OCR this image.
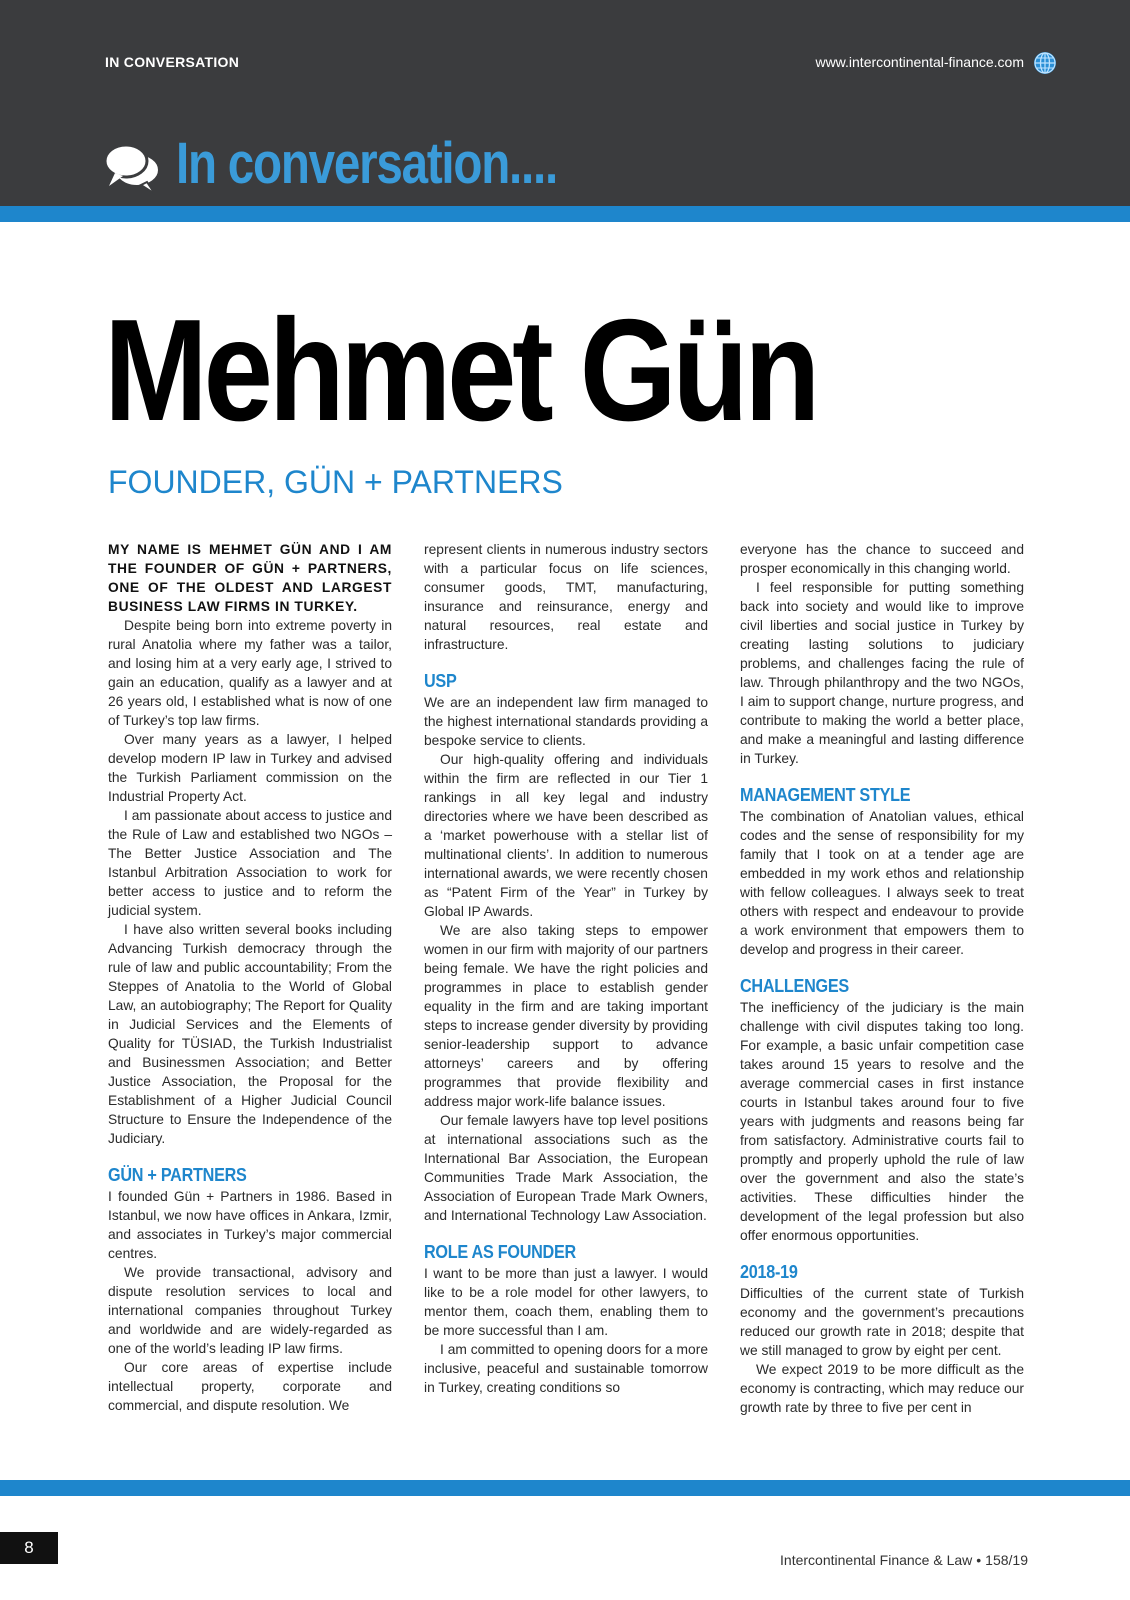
IN CONVERSATION	www.intercontinental-finance.com
In conversation....
Mehmet Gün
FOUNDER, GÜN + PARTNERS

MY NAME IS MEHMET GÜN AND I AM THE FOUNDER OF GÜN + PARTNERS, ONE OF THE OLDEST AND LARGEST BUSINESS LAW FIRMS IN TURKEY.

Despite being born into extreme poverty in rural Anatolia where my father was a tailor, and losing him at a very early age, I strived to gain an education, qualify as a lawyer and at 26 years old, I established what is now of one of Turkey’s top law firms.

Over many years as a lawyer, I helped develop modern IP law in Turkey and advised the Turkish Parliament commission on the Industrial Property Act.

I am passionate about access to justice and the Rule of Law and established two NGOs – The Better Justice Association and The Istanbul Arbitration Association to work for better access to justice and to reform the judicial system.

I have also written several books including Advancing Turkish democracy through the rule of law and public accountability; From the Steppes of Anatolia to the World of Global Law, an autobiography; The Report for Quality in Judicial Services and the Elements of Quality for TÜSIAD, the Turkish Industrialist and Businessmen Association; and Better Justice Association, the Proposal for the Establishment of a Higher Judicial Council Structure to Ensure the Independence of the Judiciary.

GÜN + PARTNERS

I founded Gün + Partners in 1986. Based in Istanbul, we now have offices in Ankara, Izmir, and associates in Turkey’s major commercial centres.

We provide transactional, advisory and dispute resolution services to local and international companies throughout Turkey and worldwide and are widely-regarded as one of the world’s leading IP law firms.

Our core areas of expertise include intellectual property, corporate and commercial, and dispute resolution. We

represent clients in numerous industry sectors with a particular focus on life sciences, consumer goods, TMT, manufacturing, insurance and reinsurance, energy and natural resources, real estate and infrastructure.

USP

We are an independent law firm managed to the highest international standards providing a bespoke service to clients.

Our high-quality offering and individuals within the firm are reflected in our Tier 1 rankings in all key legal and industry directories where we have been described as a ‘market powerhouse with a stellar list of multinational clients’. In addition to numerous international awards, we were recently chosen as “Patent Firm of the Year” in Turkey by Global IP Awards.

We are also taking steps to empower women in our firm with majority of our partners being female. We have the right policies and programmes in place to establish gender equality in the firm and are taking important steps to increase gender diversity by providing senior-leadership support to advance attorneys’ careers and by offering programmes that provide flexibility and address major work-life balance issues.

Our female lawyers have top level positions at international associations such as the International Bar Association, the European Communities Trade Mark Association, the Association of European Trade Mark Owners, and International Technology Law Association.

ROLE AS FOUNDER

I want to be more than just a lawyer. I would like to be a role model for other lawyers, to mentor them, coach them, enabling them to be more successful than I am.

I am committed to opening doors for a more inclusive, peaceful and sustainable tomorrow in Turkey, creating conditions so

everyone has the chance to succeed and prosper economically in this changing world.

I feel responsible for putting something back into society and would like to improve civil liberties and social justice in Turkey by creating lasting solutions to judiciary problems, and challenges facing the rule of law. Through philanthropy and the two NGOs, I aim to support change, nurture progress, and contribute to making the world a better place, and make a meaningful and lasting difference in Turkey.

MANAGEMENT STYLE

The combination of Anatolian values, ethical codes and the sense of responsibility for my family that I took on at a tender age are embedded in my work ethos and relationship with fellow colleagues. I always seek to treat others with respect and endeavour to provide a work environment that empowers them to develop and progress in their career.

CHALLENGES

The inefficiency of the judiciary is the main challenge with civil disputes taking too long. For example, a basic unfair competition case takes around 15 years to resolve and the average commercial cases in first instance courts in Istanbul takes around four to five years with judgments and reasons being far from satisfactory. Administrative courts fail to promptly and properly uphold the rule of law over the government and also the state’s activities. These difficulties hinder the development of the legal profession but also offer enormous opportunities.

2018-19

Difficulties of the current state of Turkish economy and the government’s precautions reduced our growth rate in 2018; despite that we still managed to grow by eight per cent.

We expect 2019 to be more difficult as the economy is contracting, which may reduce our growth rate by three to five per cent in

8
Intercontinental Finance & Law • 158/19
